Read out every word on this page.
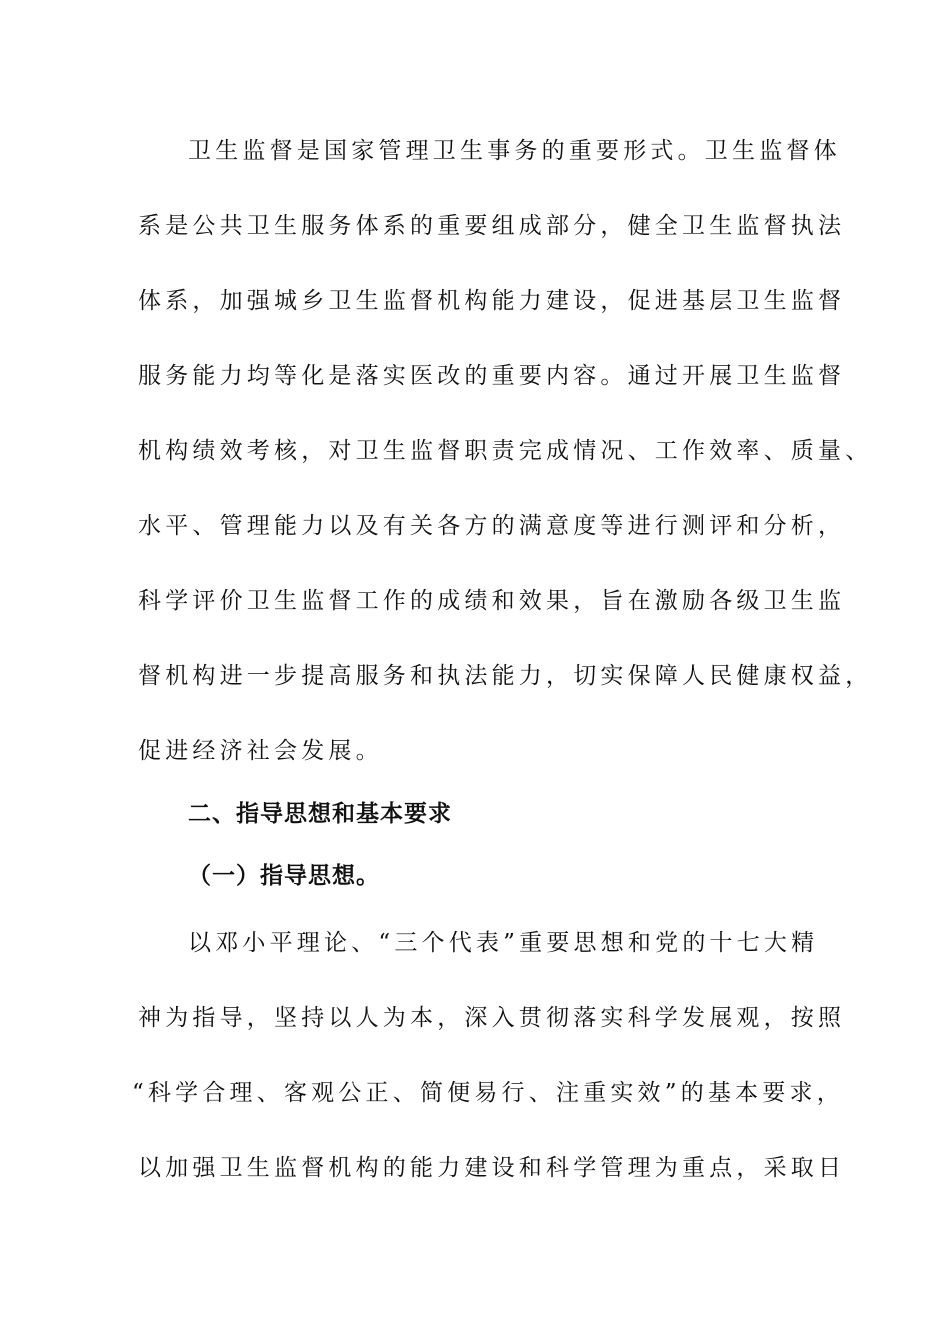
卫生监督是国家管理卫生事务的重要形式。卫生监督体
系是公共卫生服务体系的重要组成部分，健全卫生监督执法
体系，加强城乡卫生监督机构能力建设，促进基层卫生监督
服务能力均等化是落实医改的重要内容。通过开展卫生监督
机构绩效考核，对卫生监督职责完成情况、工作效率、质量、
水平、管理能力以及有关各方的满意度等进行测评和分析，
科学评价卫生监督工作的成绩和效果，旨在激励各级卫生监
督机构进一步提高服务和执法能力，切实保障人民健康权益，
促进经济社会发展。
二、指导思想和基本要求
（一）指导思想。
以邓小平理论、“三个代表”重要思想和党的十七大精
神为指导，坚持以人为本，深入贯彻落实科学发展观，按照
“科学合理、客观公正、简便易行、注重实效”的基本要求，
以加强卫生监督机构的能力建设和科学管理为重点，采取日
